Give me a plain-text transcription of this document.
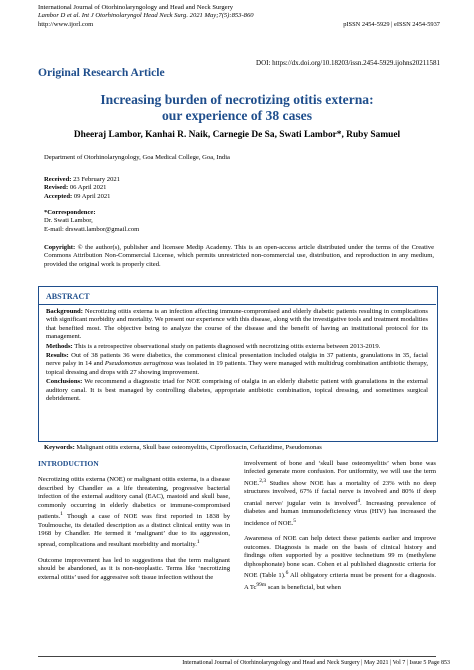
International Journal of Otorhinolaryngology and Head and Neck Surgery
Lambor D et al. Int J Otorhinolaryngol Head Neck Surg. 2021 May;7(5):853-860
http://www.ijorl.com	pISSN 2454-5929 | eISSN 2454-5937
DOI: https://dx.doi.org/10.18203/issn.2454-5929.ijohns20211581
Original Research Article
Increasing burden of necrotizing otitis externa:
our experience of 38 cases
Dheeraj Lambor, Kanhai R. Naik, Carnegie De Sa, Swati Lambor*, Ruby Samuel
Department of Otorhinolaryngology, Goa Medical College, Goa, India
Received: 23 February 2021
Revised: 06 April 2021
Accepted: 09 April 2021
*Correspondence:
Dr. Swati Lambor,
E-mail: drswati.lambor@gmail.com
Copyright: © the author(s), publisher and licensee Medip Academy. This is an open-access article distributed under the terms of the Creative Commons Attribution Non-Commercial License, which permits unrestricted non-commercial use, distribution, and reproduction in any medium, provided the original work is properly cited.
ABSTRACT

Background: Necrotizing otitis externa is an infection affecting immune-compromised and elderly diabetic patients resulting in complications with significant morbidity and mortality. We present our experience with this disease, along with the investigative tools and treatment modalities that benefited most. The objective being to analyze the course of the disease and the benefit of having an institutional protocol for its management.

Methods: This is a retrospective observational study on patients diagnosed with necrotizing otitis externa between 2013-2019.

Results: Out of 38 patients 36 were diabetics, the commonest clinical presentation included otalgia in 37 patients, granulations in 35, facial nerve palsy in 14 and Pseudomonas aeruginosa was isolated in 19 patients. They were managed with multidrug combination antibiotic therapy, topical dressing and drops with 27 showing improvement.

Conclusions: We recommend a diagnostic triad for NOE comprising of otalgia in an elderly diabetic patient with granulations in the external auditory canal. It is best managed by controlling diabetes, appropriate antibiotic combination, topical dressing, and sometimes surgical debridement.

Keywords: Malignant otitis externa, Skull base osteomyelitis, Ciprofloxacin, Ceftazidime, Pseudomonas
INTRODUCTION

Necrotizing otitis externa (NOE) or malignant otitis externa, is a disease described by Chandler as a life threatening, progressive bacterial infection of the external auditory canal (EAC), mastoid and skull base, commonly occurring in elderly diabetics or immune-compromised patients.$^1$ Though a case of NOE was first reported in 1838 by Toulmouche, its detailed description as a distinct clinical entity was in 1968 by Chandler. He termed it ‘malignant’ due to its aggression, spread, complications and resultant morbidity and mortality.$^1$

Outcome improvement has led to suggestions that the term malignant should be abandoned, as it is non-neoplastic. Terms like ‘necrotizing external otitis’ used for aggressive soft tissue infection without the

involvement of bone and ‘skull base osteomyelitis’ when bone was infected generate more confusion. For uniformity, we will use the term NOE.$^{2,3}$ Studies show NOE has a mortality of 23% with no deep structures involved, 67% if facial nerve is involved and 80% if deep cranial nerve/ jugular vein is involved$^4$. Increasing prevalence of diabetes and human immunodeficiency virus (HIV) has increased the incidence of NOE.$^5$

Awareness of NOE can help detect these patients earlier and improve outcomes. Diagnosis is made on the basis of clinical history and findings often supported by a positive technetium 99 m (methylene diphosphonate) bone scan. Cohen et al published diagnostic criteria for NOE (Table 1).$^6$ All obligatory criteria must be present for a diagnosis. A $Tc^{99m}$ scan is beneficial, but when

International Journal of Otorhinolaryngology and Head and Neck Surgery | May 2021 | Vol 7 | Issue 5 Page 853
